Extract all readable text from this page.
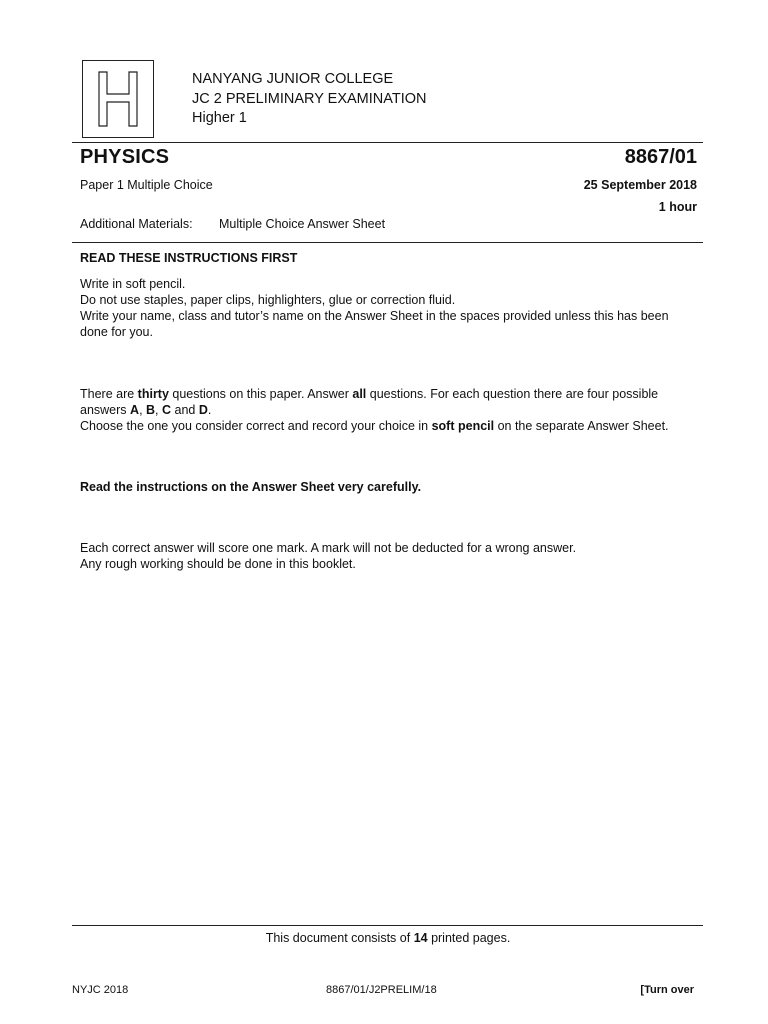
NANYANG JUNIOR COLLEGE
JC 2 PRELIMINARY EXAMINATION
Higher 1
PHYSICS	8867/01
Paper 1 Multiple Choice	25 September 2018
1 hour
Additional Materials: Multiple Choice Answer Sheet
READ THESE INSTRUCTIONS FIRST
Write in soft pencil.
Do not use staples, paper clips, highlighters, glue or correction fluid.
Write your name, class and tutor’s name on the Answer Sheet in the spaces provided unless this has been
done for you.
There are thirty questions on this paper. Answer all questions. For each question there are four possible
answers A, B, C and D.
Choose the one you consider correct and record your choice in soft pencil on the separate Answer Sheet.
Read the instructions on the Answer Sheet very carefully.
Each correct answer will score one mark. A mark will not be deducted for a wrong answer.
Any rough working should be done in this booklet.
This document consists of 14 printed pages.
NYJC 2018	8867/01/J2PRELIM/18	[Turn over
